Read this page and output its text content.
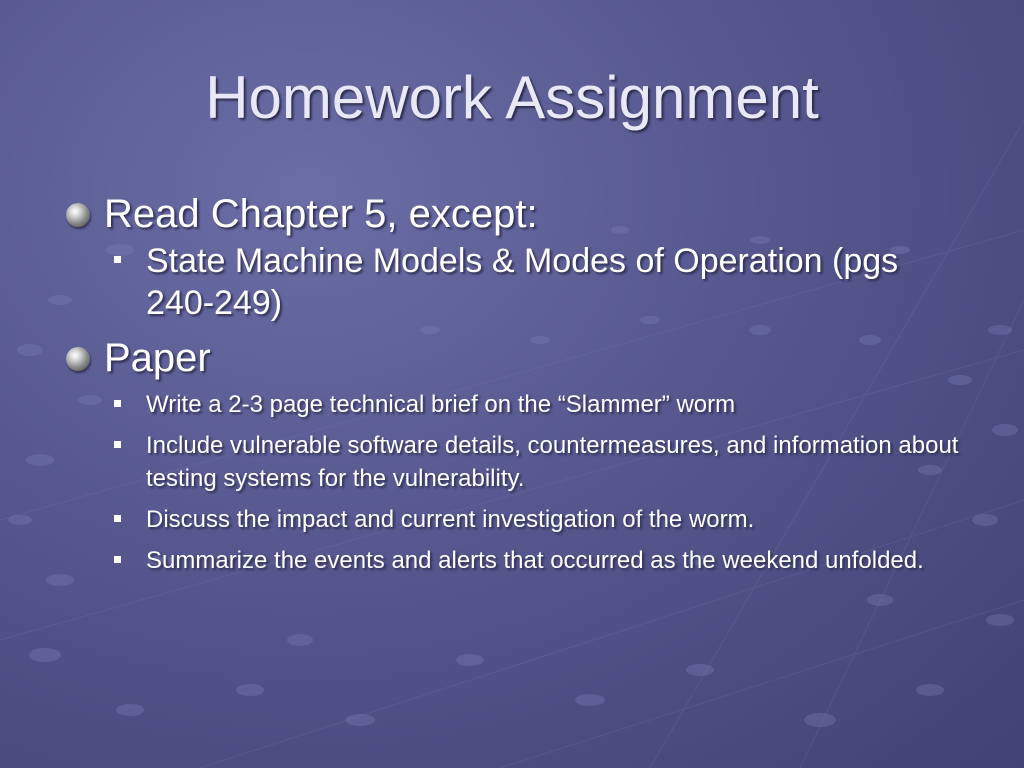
Homework Assignment
Read Chapter 5, except:
State Machine Models & Modes of Operation (pgs 240-249)
Paper
Write a 2-3 page technical brief on the “Slammer” worm
Include vulnerable software details, countermeasures, and information about testing systems for the vulnerability.
Discuss the impact and current investigation of the worm.
Summarize the events and alerts that occurred as the weekend unfolded.
